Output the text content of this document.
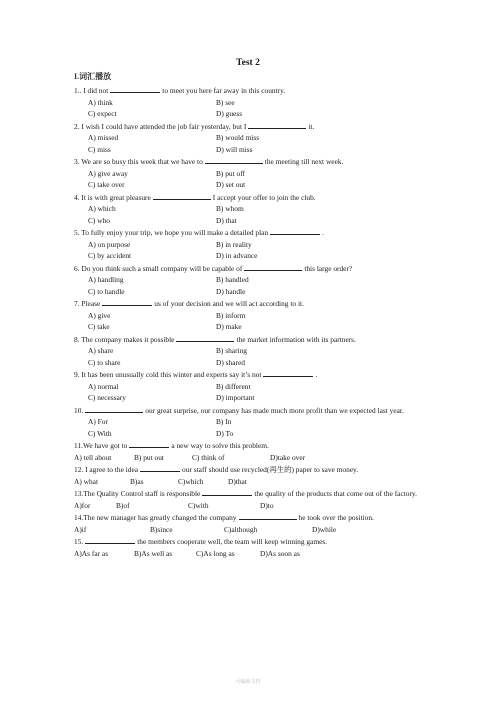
Test 2
I.词汇播放
1.. I did not	to meet you here far away in this country.
A) think	B) see
C) expect	D) guess
2. I wish I could have attended the job fair yesterday, but I	it.
A) missed	B) would miss
C) miss	D) will miss
3. We are so busy this week that we have to	the meeting till next week.
A) give away	B) put off
C) take over	D) set out
4. It is with great pleasure	I accept your offer to join the club.
A) which	B) whom
C) who	D) that
5. To fully enjoy your trip, we hope you will make a detailed plan	.
A) on purpose	B) in reality
C) by accident	D) in advance
6. Do you think such a small company will be capable of	this large order?
A) handling	B) handled
C) to handle	D) handle
7. Please	us of your decision and we will act according to it.
A) give	B) inform
C) take	D) make
8. The company makes it possible	the market information with its partners.
A) share	B) sharing
C) to share	D) shared
9. It has been unusually cold this winter and experts say it’s not	.
A) normal	B) different
C) necessary	D) important
10.	our great surprise, our company has made much more profit than we expected last year.
A) For	B) In
C) With	D) To
11.We have got to	a new way to solve this problem.
A) tell about	B) put out	C) think of	D)take over
12. I agree to the idea	our staff should use recycled(再生的) paper to save money.
A) what	B)as	C)which	D)that
13.The Quality Control staff is responsible	the quality of the products that come out of the factory.
A)for	B)of	C)with	D)to
14.The new manager has greatly changed the company	he took over the position.
A)if	B)since	C)although	D)while
15.	the members cooperate well, the team will keep winning games.
A)As far as	B)As well as	C)As long as	D)As soon as
可编辑文档
